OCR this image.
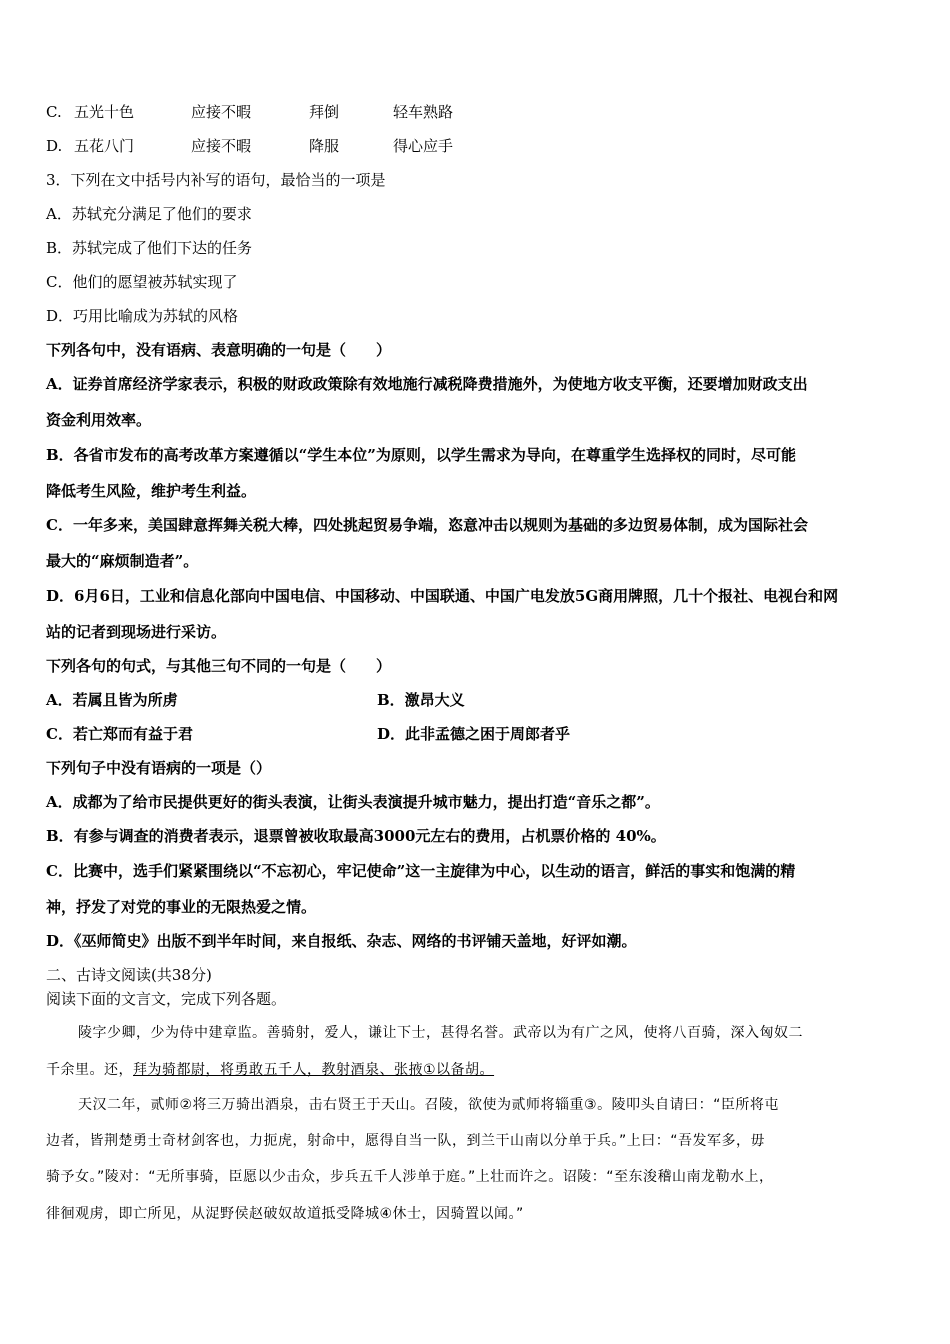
C. 五光十色	应接不暇	拜倒	轻车熟路
D. 五花八门	应接不暇	降服	得心应手
3．下列在文中括号内补写的语句，最恰当的一项是
A．苏轼充分满足了他们的要求
B．苏轼完成了他们下达的任务
C．他们的愿望被苏轼实现了
D．巧用比喻成为苏轼的风格
下列各句中，没有语病、表意明确的一句是（　　）
A．证券首席经济学家表示，积极的财政政策除有效地施行减税降费措施外，为使地方收支平衡，还要增加财政支出
资金利用效率。
B．各省市发布的高考改革方案遵循以“学生本位”为原则，以学生需求为导向，在尊重学生选择权的同时，尽可能
降低考生风险，维护考生利益。
C．一年多来，美国肆意挥舞关税大棒，四处挑起贸易争端，恣意冲击以规则为基础的多边贸易体制，成为国际社会
最大的“麻烦制造者”。
D．6月6日，工业和信息化部向中国电信、中国移动、中国联通、中国广电发放5G商用牌照，几十个报社、电视台和网
站的记者到现场进行采访。
下列各句的句式，与其他三句不同的一句是（　　）
A．若属且皆为所虏	B．激昂大义
C．若亡郑而有益于君	D．此非孟德之困于周郎者乎
下列句子中没有语病的一项是（）
A．成都为了给市民提供更好的街头表演，让街头表演提升城市魅力，提出打造“音乐之都”。
B．有参与调查的消费者表示，退票曾被收取最高3000元左右的费用，占机票价格的 40%。
C．比赛中，选手们紧紧围绕以“不忘初心，牢记使命”这一主旋律为中心，以生动的语言，鲜活的事实和饱满的精
神，抒发了对党的事业的无限热爱之情。
D．《巫师简史》出版不到半年时间，来自报纸、杂志、网络的书评铺天盖地，好评如潮。
二、古诗文阅读(共38分)
阅读下面的文言文，完成下列各题。
陵字少卿，少为侍中建章监。善骑射，爱人，谦让下士，甚得名誉。武帝以为有广之风，使将八百骑，深入匈奴二
千余里。还，拜为骑都尉，将勇敢五千人，教射酒泉、张掖①以备胡。
天汉二年，贰师②将三万骑出酒泉，击右贤王于天山。召陵，欲使为贰师将辎重③。陵叩头自请曰：“臣所将屯
边者，皆荆楚勇士奇材剑客也，力扼虎，射命中，愿得自当一队，到兰干山南以分单于兵。”上曰：“吾发军多，毋
骑予女。”陵对：“无所事骑，臣愿以少击众，步兵五千人涉单于庭。”上壮而许之。诏陵：“至东浚稽山南龙勒水上，
徘徊观虏，即亡所见，从浞野侯赵破奴故道抵受降城④休士，因骑置以闻。”
